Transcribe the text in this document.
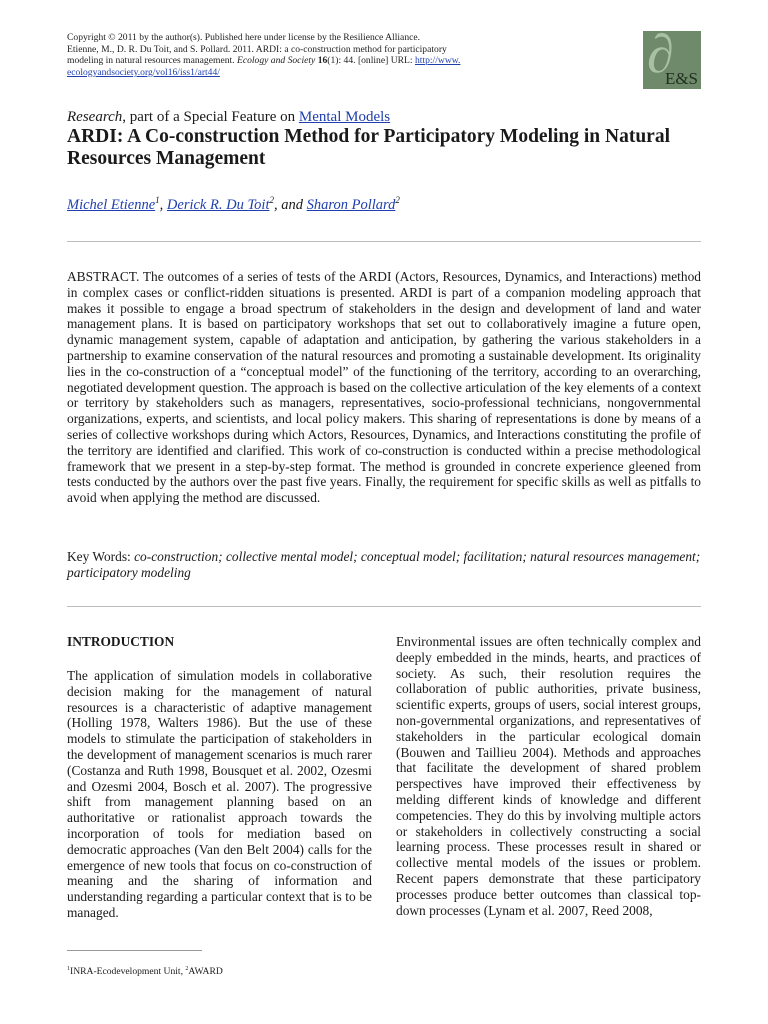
Copyright © 2011 by the author(s). Published here under license by the Resilience Alliance.
Etienne, M., D. R. Du Toit, and S. Pollard. 2011. ARDI: a co-construction method for participatory
modeling in natural resources management. Ecology and Society 16(1): 44. [online] URL: http://www.
ecologyandsociety.org/vol16/iss1/art44/	∂
E&S
Research, part of a Special Feature on Mental Models
ARDI: A Co-construction Method for Participatory Modeling in Natural Resources Management
Michel Etienne$^1$, Derick R. Du Toit$^2$, and Sharon Pollard$^2$

ABSTRACT. The outcomes of a series of tests of the ARDI (Actors, Resources, Dynamics, and Interactions) method in complex cases or conflict-ridden situations is presented. ARDI is part of a companion modeling approach that makes it possible to engage a broad spectrum of stakeholders in the design and development of land and water management plans. It is based on participatory workshops that set out to collaboratively imagine a future open, dynamic management system, capable of adaptation and anticipation, by gathering the various stakeholders in a partnership to examine conservation of the natural resources and promoting a sustainable development. Its originality lies in the co-construction of a “conceptual model” of the functioning of the territory, according to an overarching, negotiated development question. The approach is based on the collective articulation of the key elements of a context or territory by stakeholders such as managers, representatives, socio-professional technicians, nongovernmental organizations, experts, and scientists, and local policy makers. This sharing of representations is done by means of a series of collective workshops during which Actors, Resources, Dynamics, and Interactions constituting the profile of the territory are identified and clarified. This work of co-construction is conducted within a precise methodological framework that we present in a step-by-step format. The method is grounded in concrete experience gleened from tests conducted by the authors over the past five years. Finally, the requirement for specific skills as well as pitfalls to avoid when applying the method are discussed.

Key Words: co-construction; collective mental model; conceptual model; facilitation; natural resources management; participatory modeling
INTRODUCTION

The application of simulation models in collaborative decision making for the management of natural resources is a characteristic of adaptive management (Holling 1978, Walters 1986). But the use of these models to stimulate the participation of stakeholders in the development of management scenarios is much rarer (Costanza and Ruth 1998, Bousquet et al. 2002, Ozesmi and Ozesmi 2004, Bosch et al. 2007). The progressive shift from management planning based on an authoritative or rationalist approach towards the incorporation of tools for mediation based on democratic approaches (Van den Belt 2004) calls for the emergence of new tools that focus on co-construction of meaning and the sharing of information and understanding regarding a particular context that is to be managed.

Environmental issues are often technically complex and deeply embedded in the minds, hearts, and practices of society. As such, their resolution requires the collaboration of public authorities, private business, scientific experts, groups of users, social interest groups, non-governmental organizations, and representatives of stakeholders in the particular ecological domain (Bouwen and Taillieu 2004). Methods and approaches that facilitate the development of shared problem perspectives have improved their effectiveness by melding different kinds of knowledge and different competencies. They do this by involving multiple actors or stakeholders in collectively constructing a social learning process. These processes result in shared or collective mental models of the issues or problem. Recent papers demonstrate that these participatory processes produce better outcomes than classical top-down processes (Lynam et al. 2007, Reed 2008,

$^1$INRA-Ecodevelopment Unit, $^2$AWARD
